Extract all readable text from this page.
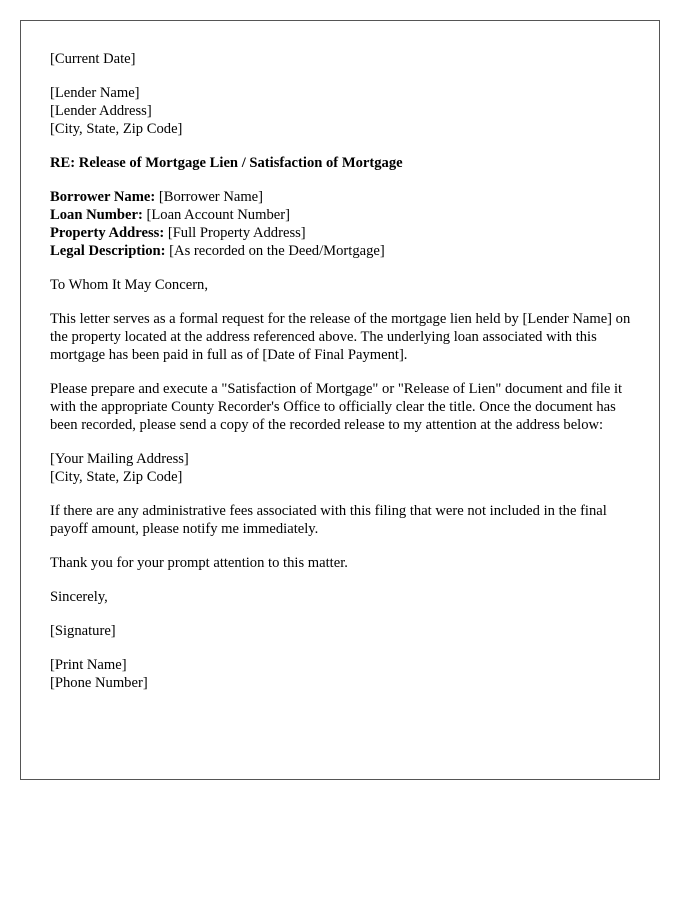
[Current Date]
[Lender Name]
[Lender Address]
[City, State, Zip Code]
RE: Release of Mortgage Lien / Satisfaction of Mortgage
Borrower Name: [Borrower Name]
Loan Number: [Loan Account Number]
Property Address: [Full Property Address]
Legal Description: [As recorded on the Deed/Mortgage]

To Whom It May Concern,

This letter serves as a formal request for the release of the mortgage lien held by [Lender Name] on the property located at the address referenced above. The underlying loan associated with this mortgage has been paid in full as of [Date of Final Payment].

Please prepare and execute a "Satisfaction of Mortgage" or "Release of Lien" document and file it with the appropriate County Recorder's Office to officially clear the title. Once the document has been recorded, please send a copy of the recorded release to my attention at the address below:

[Your Mailing Address]
[City, State, Zip Code]

If there are any administrative fees associated with this filing that were not included in the final payoff amount, please notify me immediately.

Thank you for your prompt attention to this matter.

Sincerely,

[Signature]

[Print Name]
[Phone Number]
